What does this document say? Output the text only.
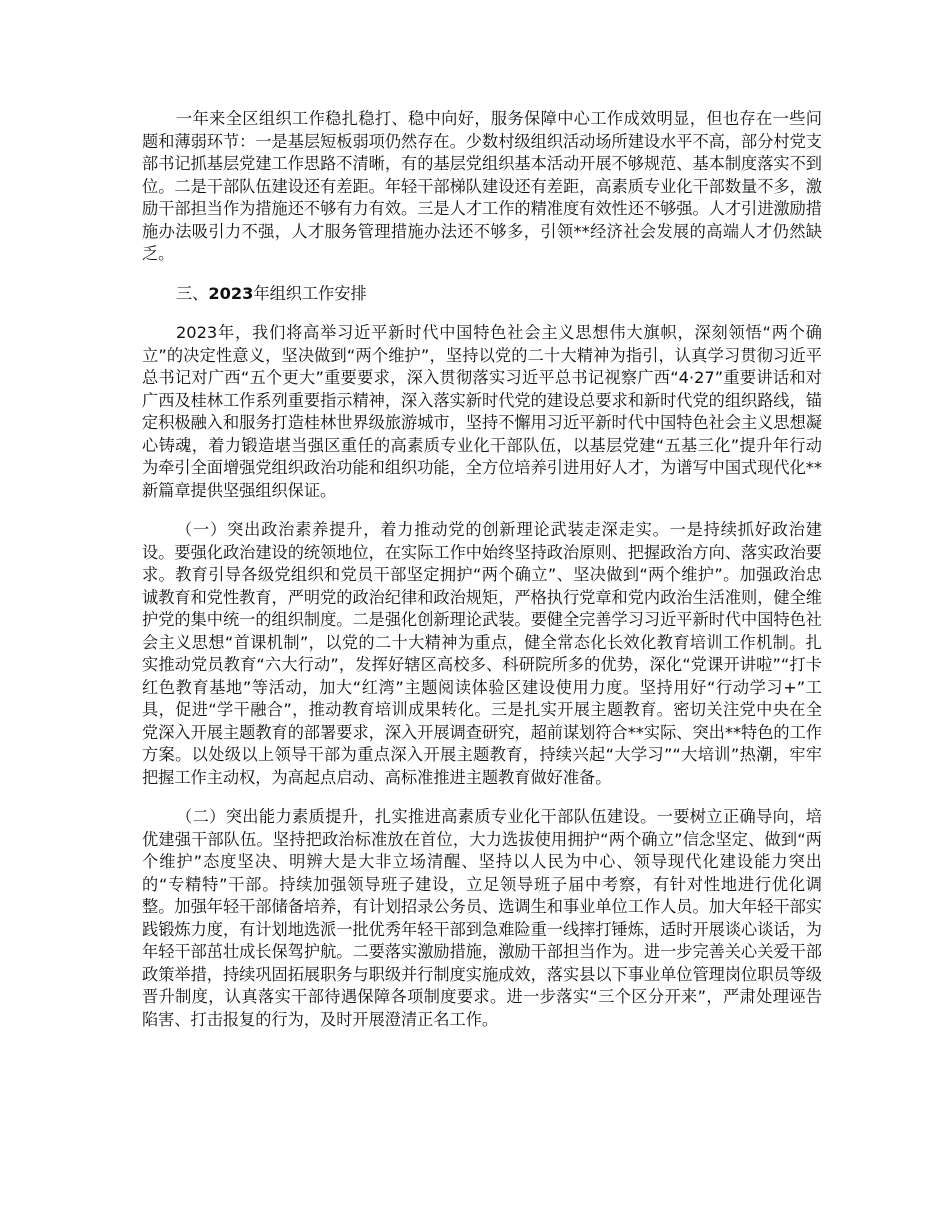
一年来全区组织工作稳扎稳打、稳中向好，服务保障中心工作成效明显，但也存在一些问题和薄弱环节：一是基层短板弱项仍然存在。少数村级组织活动场所建设水平不高，部分村党支部书记抓基层党建工作思路不清晰，有的基层党组织基本活动开展不够规范、基本制度落实不到位。二是干部队伍建设还有差距。年轻干部梯队建设还有差距，高素质专业化干部数量不多，激励干部担当作为措施还不够有力有效。三是人才工作的精准度有效性还不够强。人才引进激励措施办法吸引力不强，人才服务管理措施办法还不够多，引领**经济社会发展的高端人才仍然缺乏。

三、2023年组织工作安排

2023年，我们将高举习近平新时代中国特色社会主义思想伟大旗帜，深刻领悟“两个确立”的决定性意义，坚决做到“两个维护”，坚持以党的二十大精神为指引，认真学习贯彻习近平总书记对广西“五个更大”重要要求，深入贯彻落实习近平总书记视察广西“4·27”重要讲话和对广西及桂林工作系列重要指示精神，深入落实新时代党的建设总要求和新时代党的组织路线，锚定积极融入和服务打造桂林世界级旅游城市，坚持不懈用习近平新时代中国特色社会主义思想凝心铸魂，着力锻造堪当强区重任的高素质专业化干部队伍，以基层党建“五基三化”提升年行动为牵引全面增强党组织政治功能和组织功能，全方位培养引进用好人才，为谱写中国式现代化**新篇章提供坚强组织保证。

（一）突出政治素养提升，着力推动党的创新理论武装走深走实。一是持续抓好政治建设。要强化政治建设的统领地位，在实际工作中始终坚持政治原则、把握政治方向、落实政治要求。教育引导各级党组织和党员干部坚定拥护“两个确立”、坚决做到“两个维护”。加强政治忠诚教育和党性教育，严明党的政治纪律和政治规矩，严格执行党章和党内政治生活准则，健全维护党的集中统一的组织制度。二是强化创新理论武装。要健全完善学习习近平新时代中国特色社会主义思想“首课机制”，以党的二十大精神为重点，健全常态化长效化教育培训工作机制。扎实推动党员教育“六大行动”，发挥好辖区高校多、科研院所多的优势，深化“党课开讲啦”“打卡红色教育基地”等活动，加大“红湾”主题阅读体验区建设使用力度。坚持用好“行动学习+”工具，促进“学干融合”，推动教育培训成果转化。三是扎实开展主题教育。密切关注党中央在全党深入开展主题教育的部署要求，深入开展调查研究，超前谋划符合**实际、突出**特色的工作方案。以处级以上领导干部为重点深入开展主题教育，持续兴起“大学习”“大培训”热潮，牢牢把握工作主动权，为高起点启动、高标准推进主题教育做好准备。

（二）突出能力素质提升，扎实推进高素质专业化干部队伍建设。一要树立正确导向，培优建强干部队伍。坚持把政治标准放在首位，大力选拔使用拥护“两个确立”信念坚定、做到“两个维护”态度坚决、明辨大是大非立场清醒、坚持以人民为中心、领导现代化建设能力突出的“专精特”干部。持续加强领导班子建设，立足领导班子届中考察，有针对性地进行优化调整。加强年轻干部储备培养，有计划招录公务员、选调生和事业单位工作人员。加大年轻干部实践锻炼力度，有计划地选派一批优秀年轻干部到急难险重一线摔打锤炼，适时开展谈心谈话，为年轻干部茁壮成长保驾护航。二要落实激励措施，激励干部担当作为。进一步完善关心关爱干部政策举措，持续巩固拓展职务与职级并行制度实施成效，落实县以下事业单位管理岗位职员等级晋升制度，认真落实干部待遇保障各项制度要求。进一步落实“三个区分开来”，严肃处理诬告陷害、打击报复的行为，及时开展澄清正名工作。
